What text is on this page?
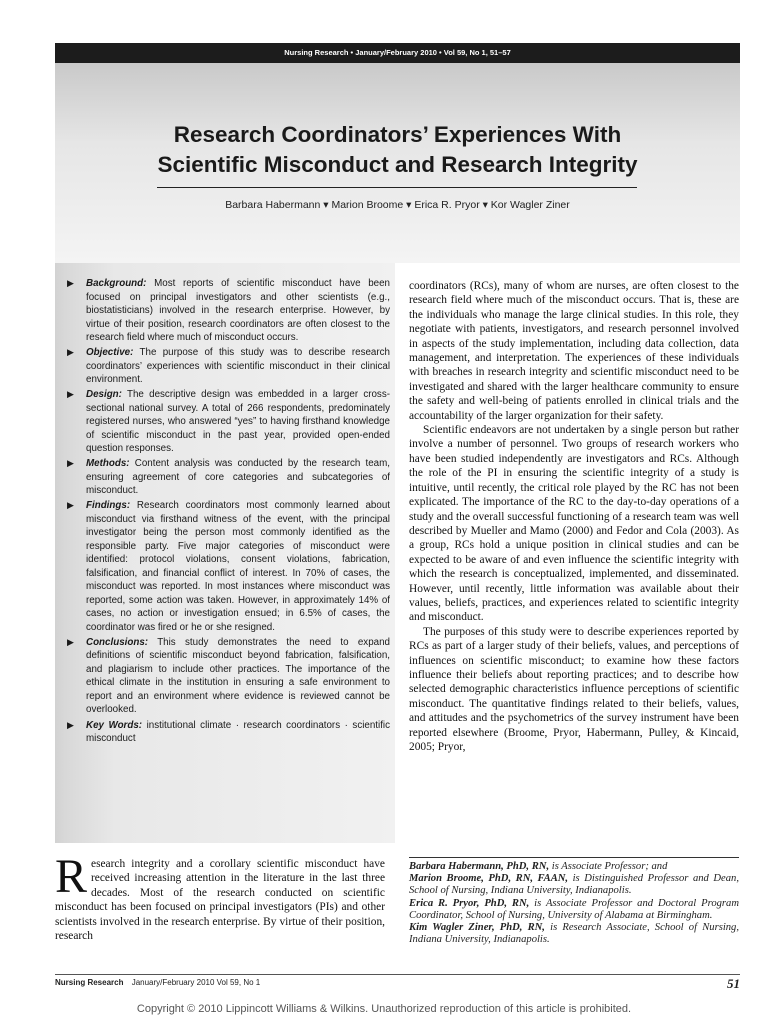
Nursing Research • January/February 2010 • Vol 59, No 1, 51–57
Research Coordinators’ Experiences With
Scientific Misconduct and Research Integrity
Barbara Habermann ▾ Marion Broome ▾ Erica R. Pryor ▾ Kor Wagler Ziner
▶ Background: Most reports of scientific misconduct have been focused on principal investigators and other scientists (e.g., biostatisticians) involved in the research enterprise. However, by virtue of their position, research coordinators are often closest to the research field where much of misconduct occurs.
▶ Objective: The purpose of this study was to describe research coordinators’ experiences with scientific misconduct in their clinical environment.
▶ Design: The descriptive design was embedded in a larger cross-sectional national survey. A total of 266 respondents, predominately registered nurses, who answered “yes” to having firsthand knowledge of scientific misconduct in the past year, provided open-ended question responses.
▶ Methods: Content analysis was conducted by the research team, ensuring agreement of core categories and subcategories of misconduct.
▶ Findings: Research coordinators most commonly learned about misconduct via firsthand witness of the event, with the principal investigator being the person most commonly identified as the responsible party. Five major categories of misconduct were identified: protocol violations, consent violations, fabrication, falsification, and financial conflict of interest. In 70% of cases, the misconduct was reported. In most instances where misconduct was reported, some action was taken. However, in approximately 14% of cases, no action or investigation ensued; in 6.5% of cases, the coordinator was fired or he or she resigned.
▶ Conclusions: This study demonstrates the need to expand definitions of scientific misconduct beyond fabrication, falsification, and plagiarism to include other practices. The importance of the ethical climate in the institution in ensuring a safe environment to report and an environment where evidence is reviewed cannot be overlooked.
▶ Key Words: institutional climate · research coordinators · scientific misconduct

coordinators (RCs), many of whom are nurses, are often closest to the research field where much of the misconduct occurs. That is, these are the individuals who manage the large clinical studies. In this role, they negotiate with patients, investigators, and research personnel involved in aspects of the study implementation, including data collection, data management, and interpretation. The experiences of these individuals with breaches in research integrity and scientific misconduct need to be investigated and shared with the larger healthcare community to ensure the safety and well-being of patients enrolled in clinical trials and the accountability of the larger organization for their safety.

Scientific endeavors are not undertaken by a single person but rather involve a number of personnel. Two groups of research workers who have been studied independently are investigators and RCs. Although the role of the PI in ensuring the scientific integrity of a study is intuitive, until recently, the critical role played by the RC has not been explicated. The importance of the RC to the day-to-day operations of a study and the overall successful functioning of a research team was well described by Mueller and Mamo (2000) and Fedor and Cola (2003). As a group, RCs hold a unique position in clinical studies and can be expected to be aware of and even influence the scientific integrity with which the research is conceptualized, implemented, and disseminated. However, until recently, little information was available about their values, beliefs, practices, and experiences related to scientific integrity and misconduct.

The purposes of this study were to describe experiences reported by RCs as part of a larger study of their beliefs, values, and perceptions of influences on scientific misconduct; to examine how these factors influence their beliefs about reporting practices; and to describe how selected demographic characteristics influence perceptions of scientific misconduct. The quantitative findings related to their beliefs, values, and attitudes and the psychometrics of the survey instrument have been reported elsewhere (Broome, Pryor, Habermann, Pulley, & Kincaid, 2005; Pryor,

Research integrity and a corollary scientific misconduct have received increasing attention in the literature in the last three decades. Most of the research conducted on scientific misconduct has been focused on principal investigators (PIs) and other scientists involved in the research enterprise. By virtue of their position, research

Barbara Habermann, PhD, RN, is Associate Professor; and

Marion Broome, PhD, RN, FAAN, is Distinguished Professor and Dean, School of Nursing, Indiana University, Indianapolis.

Erica R. Pryor, PhD, RN, is Associate Professor and Doctoral Program Coordinator, School of Nursing, University of Alabama at Birmingham.

Kim Wagler Ziner, PhD, RN, is Research Associate, School of Nursing, Indiana University, Indianapolis.

Nursing Research January/February 2010 Vol 59, No 1	51
Copyright © 2010 Lippincott Williams & Wilkins. Unauthorized reproduction of this article is prohibited.
